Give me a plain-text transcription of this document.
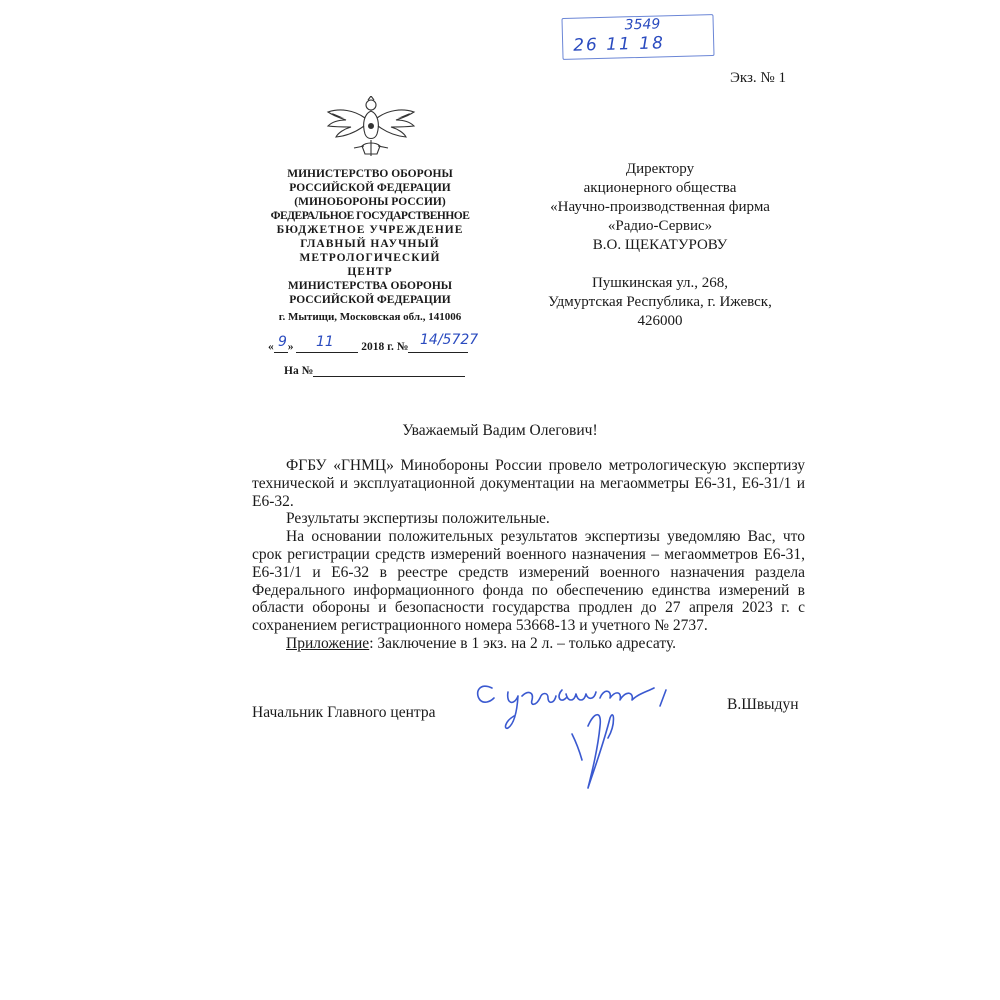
3549
26 11 18
Экз. № 1
МИНИСТЕРСТВО ОБОРОНЫ
РОССИЙСКОЙ ФЕДЕРАЦИИ
(МИНОБОРОНЫ РОССИИ)
ФЕДЕРАЛЬНОЕ ГОСУДАРСТВЕННОЕ
БЮДЖЕТНОЕ УЧРЕЖДЕНИЕ
ГЛАВНЫЙ НАУЧНЫЙ
МЕТРОЛОГИЧЕСКИЙ
ЦЕНТР
МИНИСТЕРСТВА ОБОРОНЫ
РОССИЙСКОЙ ФЕДЕРАЦИИ
г. Мытищи, Московская обл., 141006
« »	2018 г. №
9 11	14/5727
На №
Директору
акционерного общества
«Научно-производственная фирма
«Радио-Сервис»
В.О. ЩЕКАТУРОВУ
Пушкинская ул., 268,
Удмуртская Республика, г. Ижевск,
426000
Уважаемый Вадим Олегович!

ФГБУ «ГНМЦ» Минобороны России провело метрологическую экспертизу технической и эксплуатационной документации на мегаомметры Е6-31, Е6-31/1 и Е6-32.

Результаты экспертизы положительные.

На основании положительных результатов экспертизы уведомляю Вас, что срок регистрации средств измерений военного назначения – мегаомметров Е6-31, Е6-31/1 и Е6-32 в реестре средств измерений военного назначения раздела Федерального информационного фонда по обеспечению единства измерений в области обороны и безопасности государства продлен до 27 апреля 2023 г. с сохранением регистрационного номера 53668-13 и учетного № 2737.

Приложение: Заключение в 1 экз. на 2 л. – только адресату.

Начальник Главного центра	В.Швыдун
